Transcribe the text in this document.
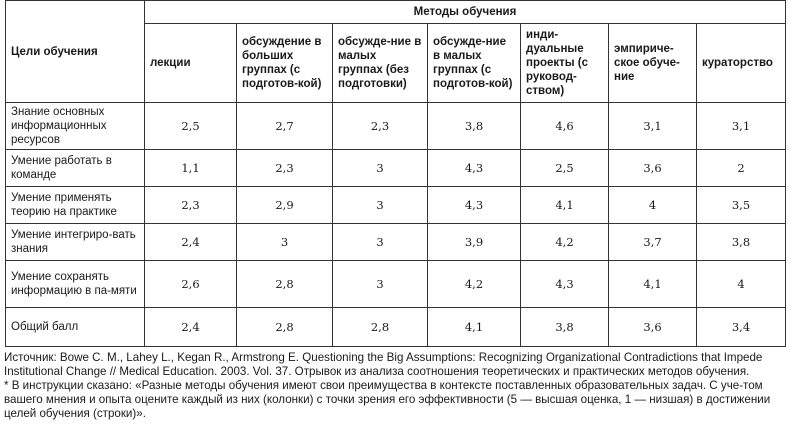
Цели обучения	Методы обучения						
	лекции	обсуждение в больших группах (с подготов-кой)	обсужде-ние в малых группах (без подготовки)	обсужде-ние в малых группах (с подготов-кой)	инди-дуальные проекты (с руковод-ством)	эмпириче-ское обуче-ние	кураторство
Знание основных информационных ресурсов	2,5	2,7	2,3	3,8	4,6	3,1	3,1
Умение работать в команде	1,1	2,3	3	4,3	2,5	3,6	2
Умение применять теорию на практике	2,3	2,9	3	4,3	4,1	4	3,5
Умение интегриро-вать знания	2,4	3	3	3,9	4,2	3,7	3,8
Умение сохранять информацию в па-мяти	2,6	2,8	3	4,2	4,3	4,1	4
Общий балл	2,4	2,8	2,8	4,1	3,8	3,6	3,4

Источник: Bowe C. M., Lahey L., Kegan R., Armstrong E. Questioning the Big Assumptions: Recognizing Organizational Contradictions that Impede Institutional Change // Medical Education. 2003. Vol. 37. Отрывок из анализа соотношения теоретических и практических методов обучения.

* В инструкции сказано: «Разные методы обучения имеют свои преимущества в контексте поставленных образовательных задач. С уче-том вашего мнения и опыта оцените каждый из них (колонки) с точки зрения его эффективности (5 — высшая оценка, 1 — низшая) в достижении целей обучения (строки)».
